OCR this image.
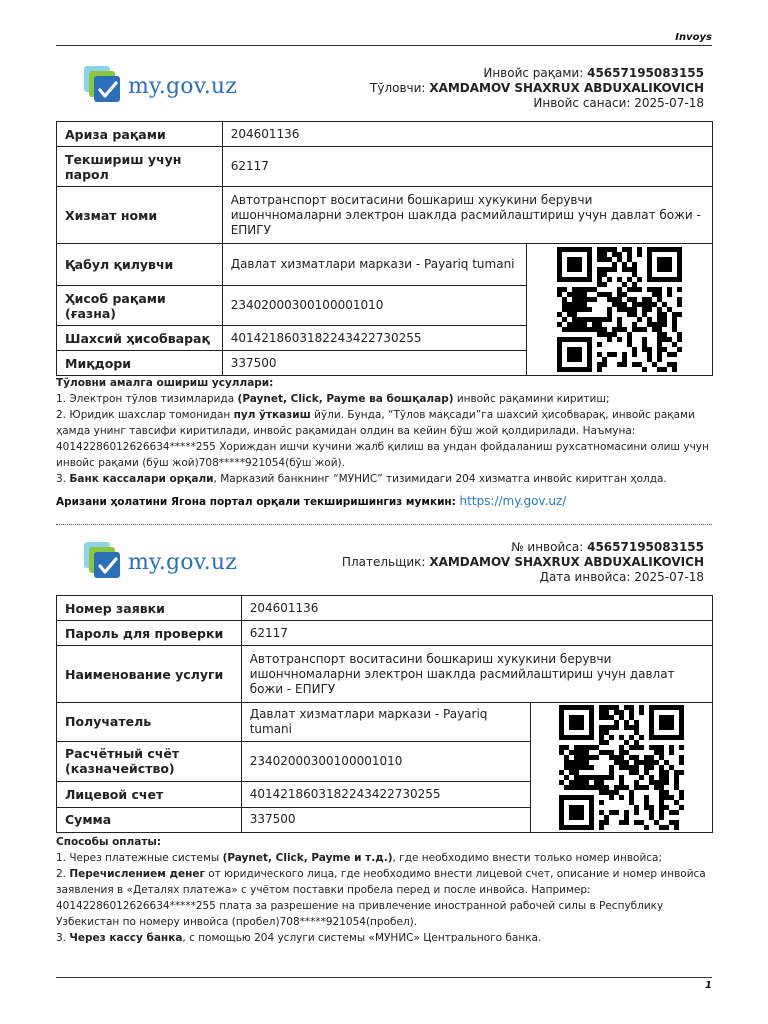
Invoys
my.gov.uz
Инвойс рақами: 45657195083155
Тўловчи: XAMDAMOV SHAXRUX ABDUXALIKOVICH
Инвойс санаси: 2025-07-18
Ариза рақами	204601136	
Текшириш учун парол	62117	
Хизмат номи	Автотранспорт воситасини бошкариш хукукини берувчи ишончномаларни электрон шаклда расмийлаштириш учун давлат божи - ЕПИГУ	
Қабул қилувчи	Давлат хизматлари маркази - Payariq tumani	

Ҳисоб рақами (ғазна)	23402000300100001010	
Шахсий ҳисобварақ	401421860318224342273025​5	
Миқдори	337500	

Тўловни амалга ошириш усуллари:

1. Электрон тўлов тизимларида (Paynet, Click, Payme ва бошқалар) инвойс рақамини киритиш;

2. Юридик шахслар томонидан пул ўтказиш йўли. Бунда, “Тўлов мақсади”га шахсий ҳисобварақ, инвойс рақами ҳамда унинг тавсифи киритилади, инвойс рақамидан олдин ва кейин бўш жой қолдирилади. Наъмуна: 40142286012626634*****255 Хориждан ишчи кучини жалб қилиш ва ундан фойдаланиш рухсатномасини олиш учун инвойс рақами (бўш жой)708*****921054(бўш жой).

3. Банк кассалари орқали, Марказий банкнинг “МУНИС” тизимидаги 204 хизматга инвойс киритган ҳолда.

Аризани ҳолатини Ягона портал орқали текширишингиз мумкин: https://my.gov.uz/
my.gov.uz
№ инвойса: 45657195083155
Плательщик: XAMDAMOV SHAXRUX ABDUXALIKOVICH
Дата инвойса: 2025-07-18
Номер заявки	204601136	
Пароль для проверки	62117	
Наименование услуги	Автотранспорт воситасини бошкариш хукукини берувчи ишончномаларни электрон шаклда расмийлаштириш учун давлат божи - ЕПИГУ	
Получатель	Давлат хизматлари маркази - Payariq tumani	

Расчётный счёт (казначейство)	23402000300100001010	
Лицевой счет	401421860318224342273025​5	
Сумма	337500	

Способы оплаты:

1. Через платежные системы (Paynet, Click, Payme и т.д.), где необходимо внести только номер инвойса;

2. Перечислением денег от юридического лица, где необходимо внести лицевой счет, описание и номер инвойса заявления в «Деталях платежа» с учётом поставки пробела перед и после инвойса. Например: 40142286012626634*****255 плата за разрешение на привлечение иностранной рабочей силы в Республику Узбекистан по номеру инвойса (пробел)708*****921054(пробел).

3. Через кассу банка, с помощью 204 услуги системы «МУНИС» Центрального банка.

1
